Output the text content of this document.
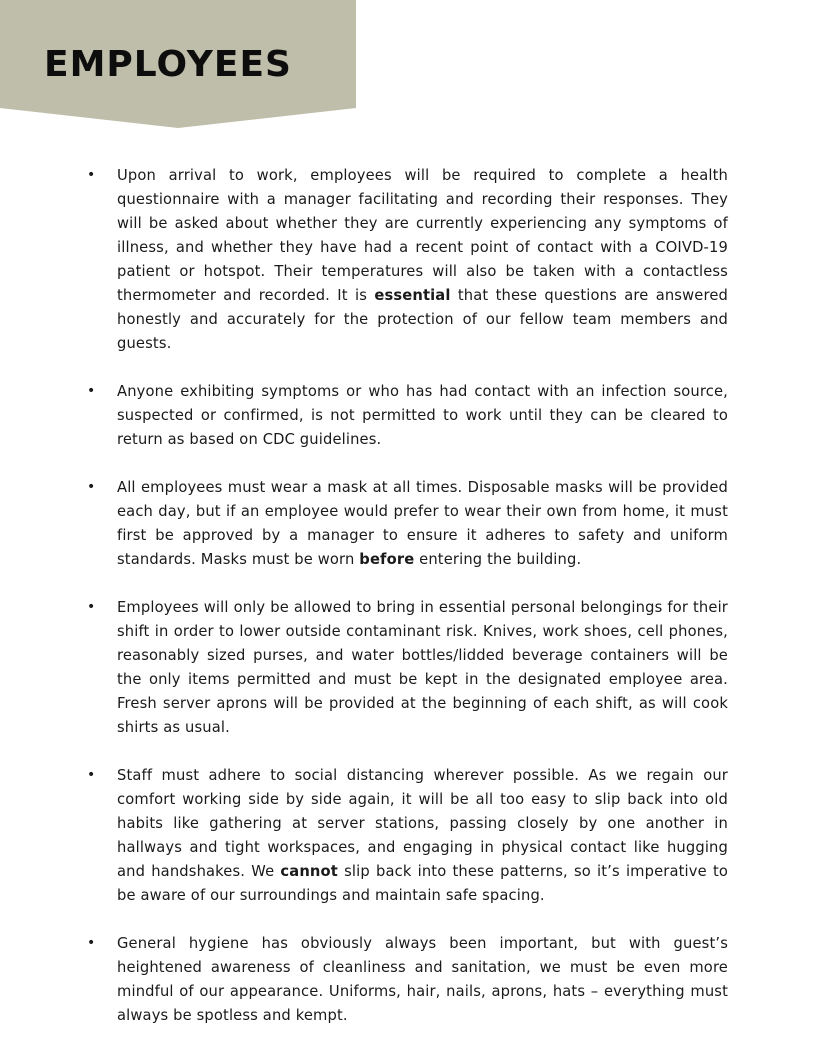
EMPLOYEES
• Upon arrival to work, employees will be required to complete a health questionnaire with a manager facilitating and recording their responses. They will be asked about whether they are currently experiencing any symptoms of illness, and whether they have had a recent point of contact with a COIVD-19 patient or hotspot. Their temperatures will also be taken with a contactless thermometer and recorded. It is essential that these questions are answered honestly and accurately for the protection of our fellow team members and guests.
• Anyone exhibiting symptoms or who has had contact with an infection source, suspected or confirmed, is not permitted to work until they can be cleared to return as based on CDC guidelines.
• All employees must wear a mask at all times. Disposable masks will be provided each day, but if an employee would prefer to wear their own from home, it must first be approved by a manager to ensure it adheres to safety and uniform standards. Masks must be worn before entering the building.
• Employees will only be allowed to bring in essential personal belongings for their shift in order to lower outside contaminant risk. Knives, work shoes, cell phones, reasonably sized purses, and water bottles/lidded beverage containers will be the only items permitted and must be kept in the designated employee area. Fresh server aprons will be provided at the beginning of each shift, as will cook shirts as usual.
• Staff must adhere to social distancing wherever possible. As we regain our comfort working side by side again, it will be all too easy to slip back into old habits like gathering at server stations, passing closely by one another in hallways and tight workspaces, and engaging in physical contact like hugging and handshakes. We cannot slip back into these patterns, so it’s imperative to be aware of our surroundings and maintain safe spacing.
• General hygiene has obviously always been important, but with guest’s heightened awareness of cleanliness and sanitation, we must be even more mindful of our appearance. Uniforms, hair, nails, aprons, hats – everything must always be spotless and kempt.
